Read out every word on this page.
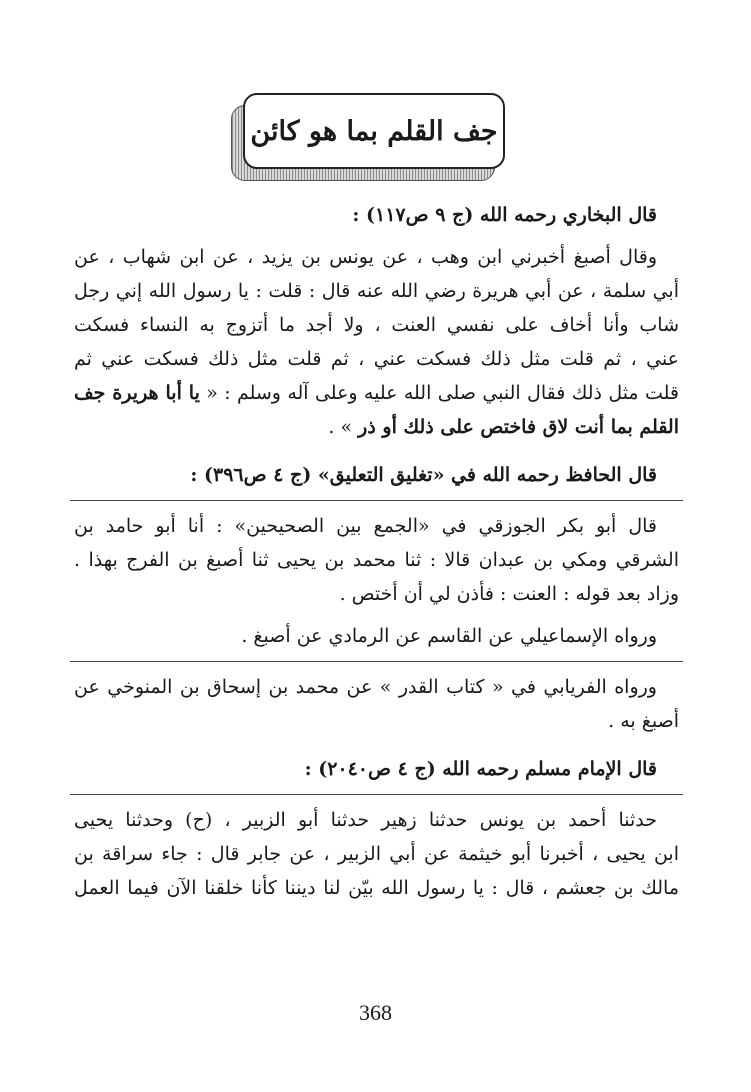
جف القلم بما هو كائن
قال البخاري رحمه الله (ج ٩ ص١١٧) :
وقال أصبغ أخبرني ابن وهب ، عن يونس بن يزيد ، عن ابن شهاب ، عن
أبي سلمة ، عن أبي هريرة رضي الله عنه قال : قلت : يا رسول الله إني رجل
شاب وأنا أخاف على نفسي العنت ، ولا أجد ما أتزوج به النساء فسكت
عني ، ثم قلت مثل ذلك فسكت عني ، ثم قلت مثل ذلك فسكت عني ثم
قلت مثل ذلك فقال النبي صلى الله عليه وعلى آله وسلم : « يا أبا هريرة جف
القلم بما أنت لاق فاختص على ذلك أو ذر » .
قال الحافظ رحمه الله في «تغليق التعليق» (ج ٤ ص٣٩٦) :
قال أبو بكر الجوزقي في «الجمع بين الصحيحين» : أنا أبو حامد بن
الشرقي ومكي بن عبدان قالا : ثنا محمد بن يحيى ثنا أصبغ بن الفرج بهذا .
وزاد بعد قوله : العنت : فأذن لي أن أختص .
ورواه الإسماعيلي عن القاسم عن الرمادي عن أصبغ .
ورواه الفريابي في « كتاب القدر » عن محمد بن إسحاق بن المنوخي عن
أصبغ به .
قال الإمام مسلم رحمه الله (ج ٤ ص٢٠٤٠) :
حدثنا أحمد بن يونس حدثنا زهير حدثنا أبو الزبير ، (ح) وحدثنا يحيى
ابن يحيى ، أخبرنا أبو خيثمة عن أبي الزبير ، عن جابر قال : جاء سراقة بن
مالك بن جعشم ، قال : يا رسول الله بيّن لنا ديننا كأنا خلقنا الآن فيما العمل
368
